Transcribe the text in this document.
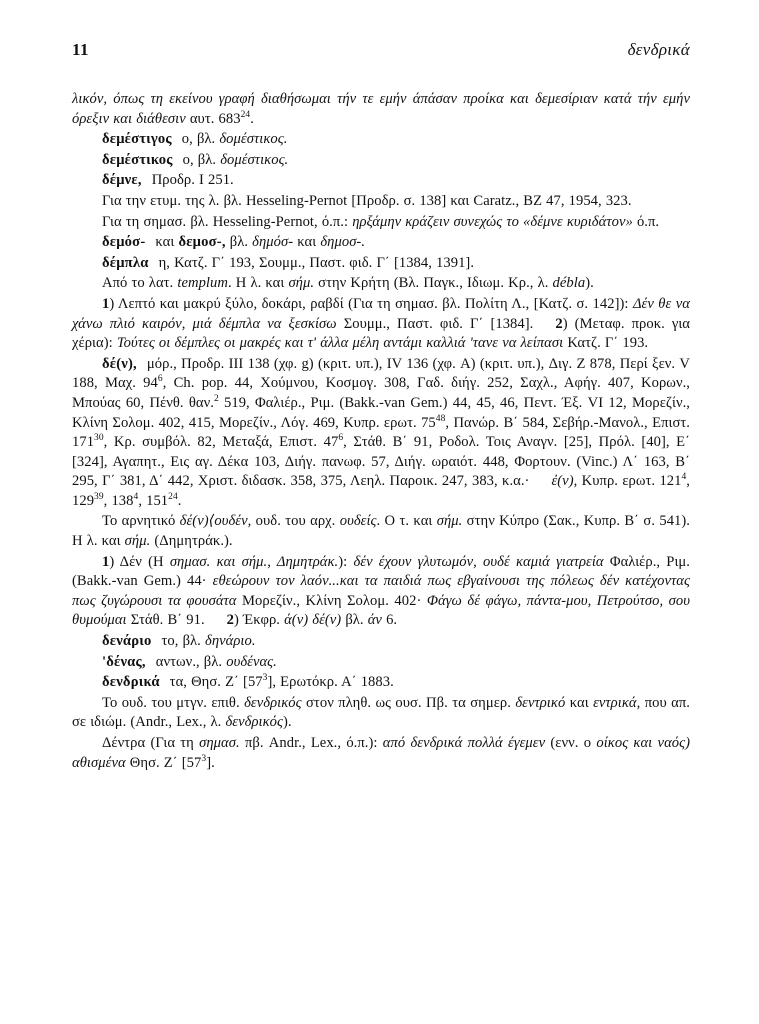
11	δενδρικά

λικόν, όπως τη εκείνου γραφή διαθήσωμαι τήν τε εμήν άπάσαν προίκα και δεμεσίριαν κατά τήν εμήν όρεξιν και διάθεσιν αυτ. $683^{24}$.

δεμέστιγος ο, βλ. δομέστικος.

δεμέστικος ο, βλ. δομέστικος.

δέμνε, Προδρ. I 251.

Για την ετυμ. της λ. βλ. Hesseling-Pernot [Προδρ. σ. 138] και Caratz., BZ 47, 1954, 323.

Για τη σημασ. βλ. Hesseling-Pernot, ό.π.: ηρξάμην κράζειν συνεχώς το «δέμνε κυριδάτον» ό.π.

δεμόσ- και δεμοσ-, βλ. δημόσ- και δημοσ-.

δέμπλα η, Κατζ. Γ΄ 193, Σουμμ., Παστ. φιδ. Γ΄ [1384, 1391].

Από το λατ. templum. Η λ. και σήμ. στην Κρήτη (Βλ. Παγκ., Ιδιωμ. Κρ., λ. débla).

1) Λεπτό και μακρύ ξύλο, δοκάρι, ραβδί (Για τη σημασ. βλ. Πολίτη Λ., [Κατζ. σ. 142]): Δέν θε να χάνω πλιό καιρόν, μιά δέμπλα να ξεσκίσω Σουμμ., Παστ. φιδ. Γ΄ [1384]. 2) (Μεταφ. προκ. για χέρια): Τούτες οι δέμπλες οι μακρές και τ' άλλα μέλη αντάμι καλλιά 'τανε να λείπασι Κατζ. Γ΄ 193.

δέ(ν), μόρ., Προδρ. III 138 (χφ. g) (κριτ. υπ.), IV 136 (χφ. A) (κριτ. υπ.), Διγ. Z 878, Περί ξεν. V 188, Μαχ. $94^6$, Ch. pop. 44, Χούμνου, Κοσμογ. 308, Γαδ. διήγ. 252, Σαχλ., Αφήγ. 407, Κορων., Μπούας 60, Πένθ. θαν.$^2$ 519, Φαλιέρ., Ριμ. (Bakk.-van Gem.) 44, 45, 46, Πεντ. Έξ. VI 12, Μορεζίν., Κλίνη Σολομ. 402, 415, Μορεζίν., Λόγ. 469, Κυπρ. ερωτ. $75^{48}$, Πανώρ. Β΄ 584, Σεβήρ.-Μανολ., Επιστ. $171^{30}$, Κρ. συμβόλ. 82, Μεταξά, Επιστ. $47^6$, Στάθ. Β΄ 91, Ροδολ. Τοις Αναγν. [25], Πρόλ. [40], Ε΄ [324], Αγαπητ., Εις αγ. Δέκα 103, Διήγ. πανωφ. 57, Διήγ. ωραιότ. 448, Φορτουν. (Vinc.) Λ΄ 163, Β΄ 295, Γ΄ 381, Δ΄ 442, Χριστ. διδασκ. 358, 375, Λεηλ. Παροικ. 247, 383, κ.α.· ἐ(ν), Κυπρ. ερωτ. $121^4$, $129^{39}$, $138^4$, $151^{24}$.

Το αρνητικό δέ(ν)⟨ουδέν, ουδ. του αρχ. ουδείς. Ο τ. και σήμ. στην Κύπρο (Σακ., Κυπρ. Β΄ σ. 541). Η λ. και σήμ. (Δημητράκ.).

1) Δέν (Η σημασ. και σήμ., Δημητράκ.): δέν έχουν γλυτωμόν, ουδέ καμιά γιατρεία Φαλιέρ., Ριμ. (Bakk.-van Gem.) 44· εθεώρουν τον λαόν...και τα παιδιά πως εβγαίνουσι της πόλεως δέν κατέχοντας πως ζυγώρουσι τα φουσάτα Μορεζίν., Κλίνη Σολομ. 402· Φάγω δέ φάγω, πάντα-μου, Πετρούτσο, σου θυμούμαι Στάθ. Β΄ 91. 2) Έκφρ. ά(ν) δέ(ν) βλ. άν 6.

δενάριο το, βλ. δηνάριο.

'δένας, αντων., βλ. ουδένας.

δενδρικά τα, Θησ. Ζ΄ $[57^3]$, Ερωτόκρ. Α΄ 1883.

Το ουδ. του μτγν. επιθ. δενδρικός στον πληθ. ως ουσ. Πβ. τα σημερ. δεντρικό και εντρικά, που απ. σε ιδιώμ. (Andr., Lex., λ. δενδρικός).

Δέντρα (Για τη σημασ. πβ. Andr., Lex., ό.π.): από δενδρικά πολλά έγεμεν (ενν. ο οίκος και ναός) αθισμένα Θησ. Ζ΄ $[57^3]$.
